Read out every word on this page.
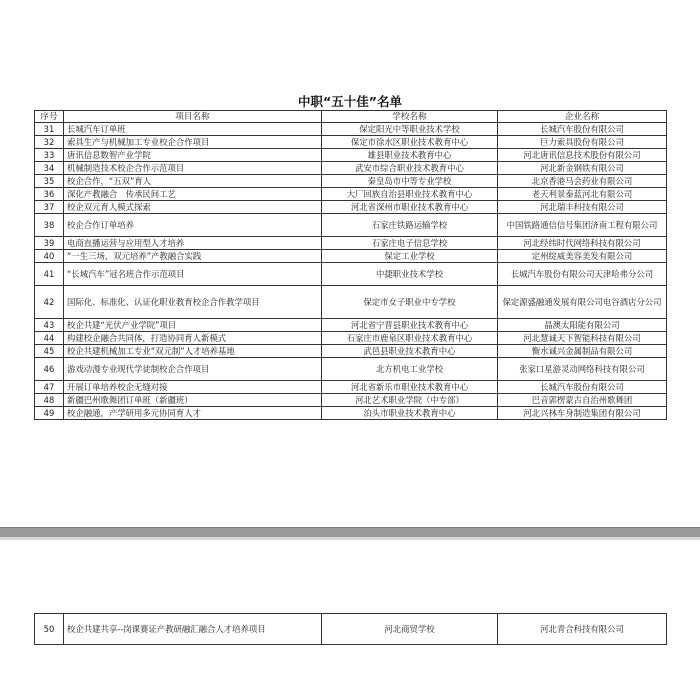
中职“五十佳”名单
序号	项目名称	学校名称	企业名称
31	长城汽车订单班	保定阳光中等职业技术学校	长城汽车股份有限公司
32	索具生产与机械加工专业校企合作项目	保定市徐水区职业技术教育中心	巨力索具股份有限公司
33	唐讯信息数智产业学院	雄县职业技术教育中心	河北唐讯信息技术股份有限公司
34	机械制造技术校企合作示范项目	武安市综合职业技术教育中心	河北新金钢铁有限公司
35	校企合作，“五双”育人	秦皇岛市中等专业学校	北京香港马会药业有限公司
36	深化产教融合　传承民间工艺	大厂回族自治县职业技术教育中心	老天利景泰蓝河北有限公司
37	校企双元育人模式探索	河北省深州市职业技术教育中心	河北瑞丰科技有限公司
38	校企合作订单培养	石家庄铁路运输学校	中国铁路通信信号集团济南工程有限公司
39	电商直播运营与应用型人才培养	石家庄电子信息学校	河北经纬时代网络科技有限公司
40	“一生三场，双元培养”产教融合实践	保定工业学校	定州绽威美容美发有限公司
41	“长城汽车”冠名班合作示范项目	中捷职业技术学校	长城汽车股份有限公司天津哈弗分公司
42	国际化、标准化、认证化职业教育校企合作教学项目	保定市女子职业中专学校	保定源盛融通发展有限公司电谷酒店分公司
43	校企共建“光伏产业学院”项目	河北省宁晋县职业技术教育中心	晶澳太阳能有限公司
44	构建校企融合共同体，打造协同育人新模式	石家庄市鹿泉区职业技术教育中心	河北慧诚天下智能科技有限公司
45	校企共建机械加工专业“双元制”人才培养基地	武邑县职业技术教育中心	衡水诚兴金属制品有限公司
46	游戏动漫专业现代学徒制校企合作项目	北方机电工业学校	张家口星游灵动网络科技有限公司
47	开展订单培养校企无缝对接	河北省新乐市职业技术教育中心	长城汽车股份有限公司
48	新疆巴州歌舞团订单班（新疆班）	河北艺术职业学院（中专部）	巴音郭楞蒙古自治州歌舞团
49	校企融通，产学研用多元协同育人才	泊头市职业技术教育中心	河北兴林车身制造集团有限公司
50	校企共建共享--岗课赛证产教研融汇融合人才培养项目	河北商贸学校	河北青合科技有限公司
